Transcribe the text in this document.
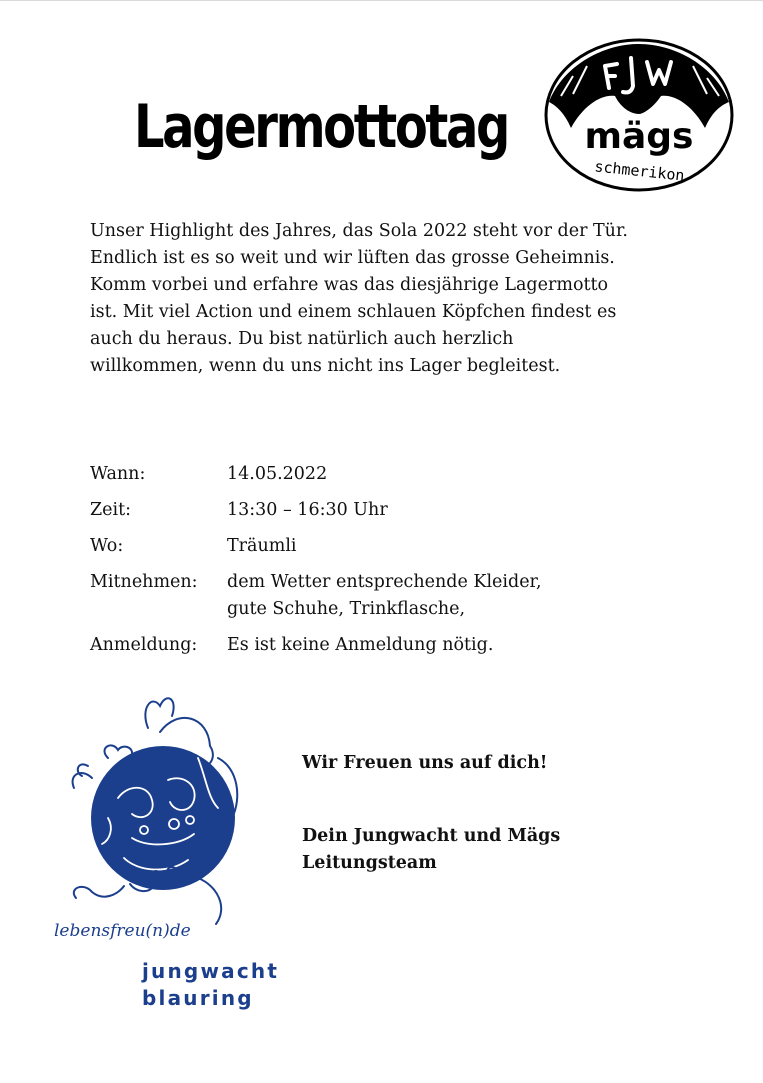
Lagermottotag mägs
schmerikon

Unser Highlight des Jahres, das Sola 2022 steht vor der Tür.
Endlich ist es so weit und wir lüften das grosse Geheimnis.
Komm vorbei und erfahre was das diesjährige Lagermotto
ist. Mit viel Action und einem schlauen Köpfchen findest es
auch du heraus. Du bist natürlich auch herzlich
willkommen, wenn du uns nicht ins Lager begleitest.

Wann:	14.05.2022
Zeit:	13:30 – 16:30 Uhr
Wo:	Träumli
Mitnehmen:	dem Wetter entsprechende Kleider,
gute Schuhe, Trinkflasche,
Anmeldung:	Es ist keine Anmeldung nötig.
lebensfreu(n)de
jungwacht
blauring
Wir Freuen uns auf dich!
Dein Jungwacht und Mägs
Leitungsteam
